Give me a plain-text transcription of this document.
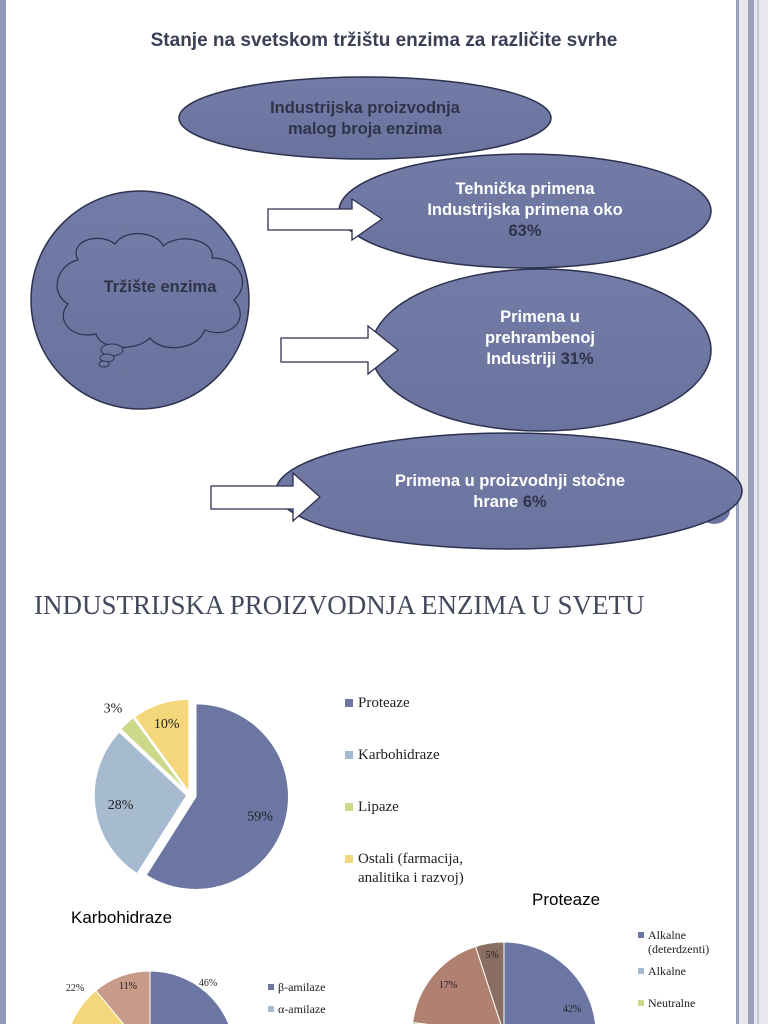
Stanje na svetskom tržištu enzima za različite svrhe
Industrijska proizvodnja
malog broja enzima
Tržište enzima
Tehnička primena
Industrijska primena oko
63%
Primena u
prehrambenoj
Industriji 31%
Primena u proizvodnji stočne
hrane 6%
INDUSTRIJSKA PROIZVODNJA ENZIMA U SVETU
59%
28%
3%
10%
Proteaze
Karbohidraze
Lipaze
Ostali (farmacija,
analitika i razvoj)
Karbohidraze
Proteaze
46%
22%	11%
42%
17%
5%
β-amilaze
α-amilaze
Alkalne
(deterdzenti)
Alkalne
Neutralne
